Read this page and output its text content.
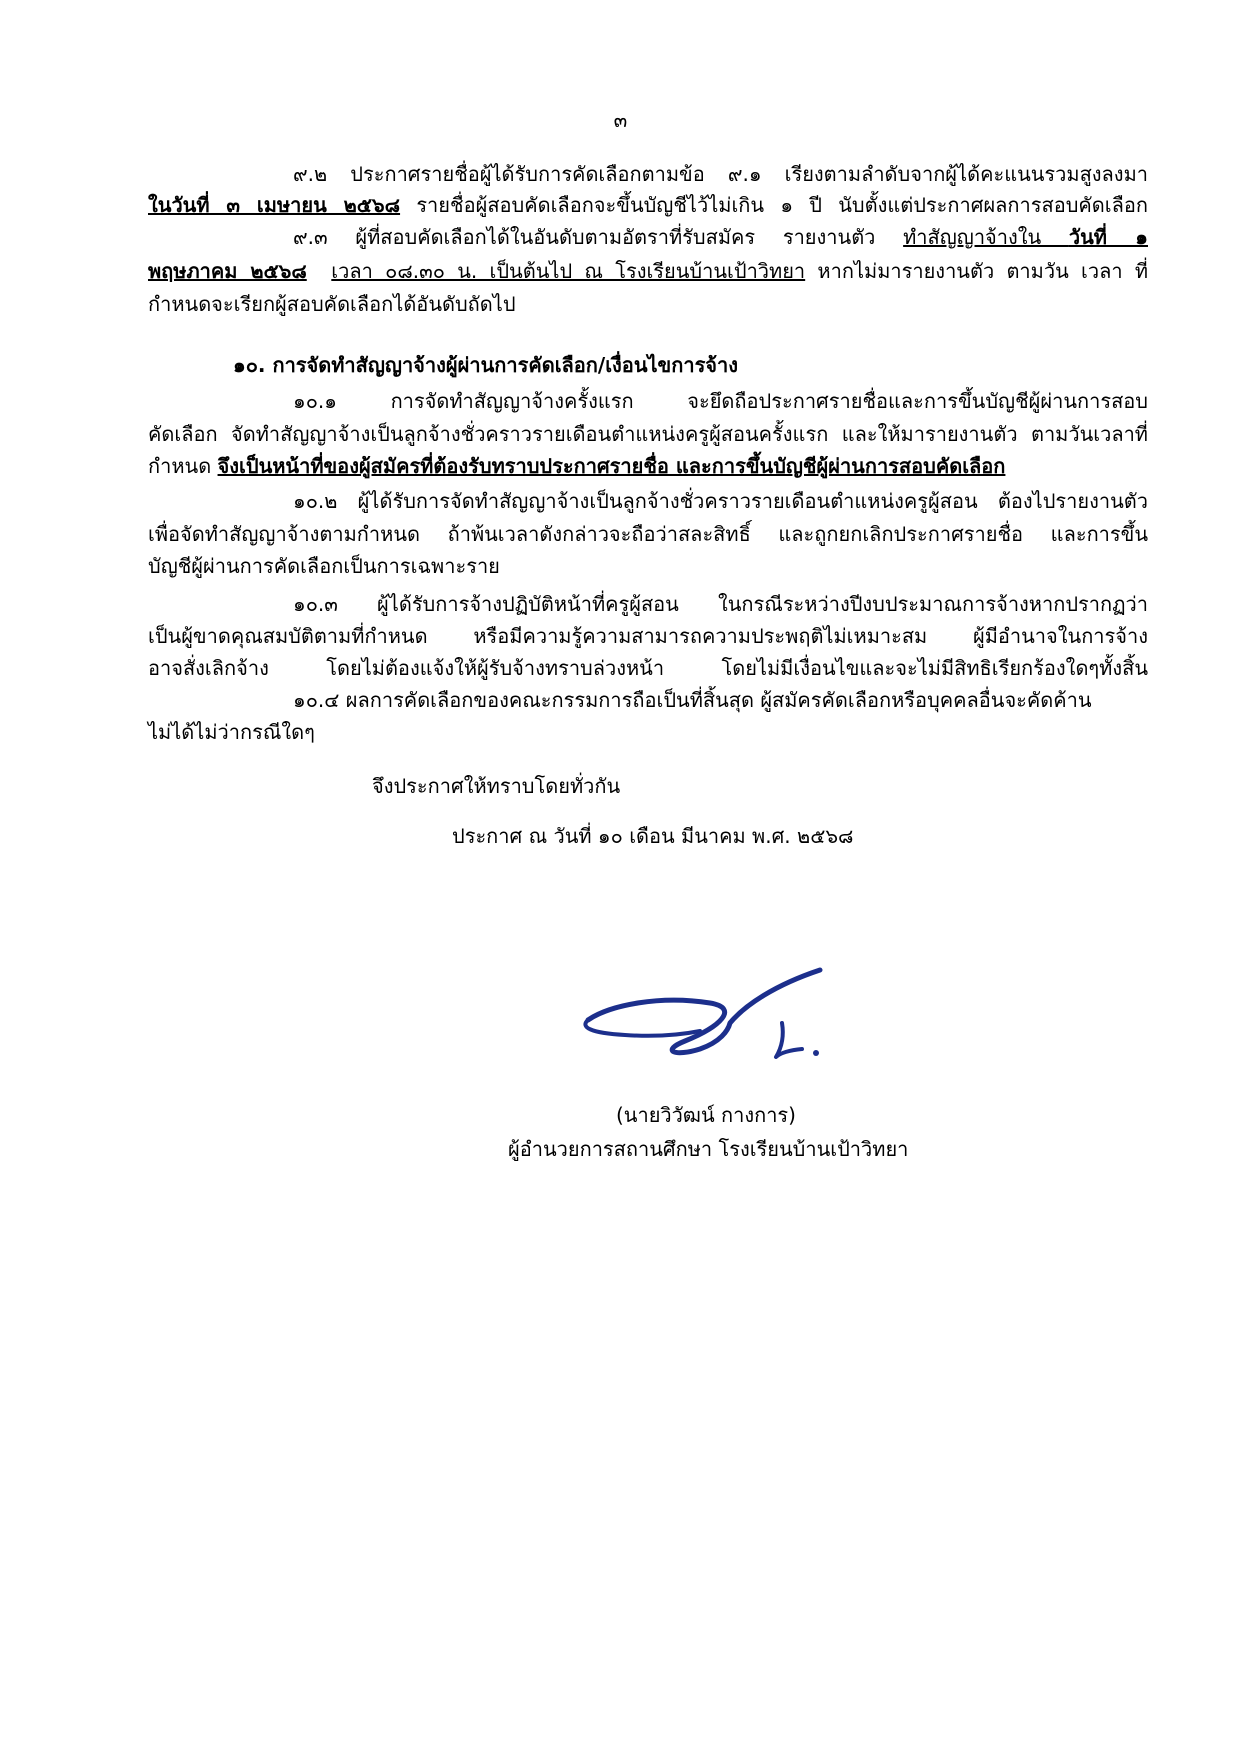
๓
๙.๒ ประกาศรายชื่อผู้ได้รับการคัดเลือกตามข้อ ๙.๑ เรียงตามลำดับจากผู้ได้คะแนนรวมสูงลงมา
ในวันที่ ๓ เมษายน ๒๕๖๘ รายชื่อผู้สอบคัดเลือกจะขึ้นบัญชีไว้ไม่เกิน ๑ ปี นับตั้งแต่ประกาศผลการสอบคัดเลือก
๙.๓ ผู้ที่สอบคัดเลือกได้ในอันดับตามอัตราที่รับสมัคร รายงานตัว ทำสัญญาจ้างใน วันที่ ๑
พฤษภาคม ๒๕๖๘ เวลา ๐๘.๓๐ น. เป็นต้นไป ณ โรงเรียนบ้านเป้าวิทยา หากไม่มารายงานตัว ตามวัน เวลา ที่
กำหนดจะเรียกผู้สอบคัดเลือกได้อันดับถัดไป
๑๐. การจัดทำสัญญาจ้างผู้ผ่านการคัดเลือก/เงื่อนไขการจ้าง
๑๐.๑ การจัดทำสัญญาจ้างครั้งแรก จะยึดถือประกาศรายชื่อและการขึ้นบัญชีผู้ผ่านการสอบ
คัดเลือก จัดทำสัญญาจ้างเป็นลูกจ้างชั่วคราวรายเดือนตำแหน่งครูผู้สอนครั้งแรก และให้มารายงานตัว ตามวันเวลาที่
กำหนด จึงเป็นหน้าที่ของผู้สมัครที่ต้องรับทราบประกาศรายชื่อ และการขึ้นบัญชีผู้ผ่านการสอบคัดเลือก
๑๐.๒ ผู้ได้รับการจัดทำสัญญาจ้างเป็นลูกจ้างชั่วคราวรายเดือนตำแหน่งครูผู้สอน ต้องไปรายงานตัว
เพื่อจัดทำสัญญาจ้างตามกำหนด ถ้าพ้นเวลาดังกล่าวจะถือว่าสละสิทธิ์ และถูกยกเลิกประกาศรายชื่อ และการขึ้น
บัญชีผู้ผ่านการคัดเลือกเป็นการเฉพาะราย
๑๐.๓ ผู้ได้รับการจ้างปฏิบัติหน้าที่ครูผู้สอน ในกรณีระหว่างปีงบประมาณการจ้างหากปรากฏว่า
เป็นผู้ขาดคุณสมบัติตามที่กำหนด หรือมีความรู้ความสามารถความประพฤติไม่เหมาะสม ผู้มีอำนาจในการจ้าง
อาจสั่งเลิกจ้าง โดยไม่ต้องแจ้งให้ผู้รับจ้างทราบล่วงหน้า โดยไม่มีเงื่อนไขและจะไม่มีสิทธิเรียกร้องใดๆทั้งสิ้น
๑๐.๔ ผลการคัดเลือกของคณะกรรมการถือเป็นที่สิ้นสุด ผู้สมัครคัดเลือกหรือบุคคลอื่นจะคัดค้าน
ไม่ได้ไม่ว่ากรณีใดๆ
จึงประกาศให้ทราบโดยทั่วกัน
ประกาศ ณ วันที่ ๑๐ เดือน มีนาคม พ.ศ. ๒๕๖๘
(นายวิวัฒน์ กางการ)
ผู้อำนวยการสถานศึกษา โรงเรียนบ้านเป้าวิทยา
